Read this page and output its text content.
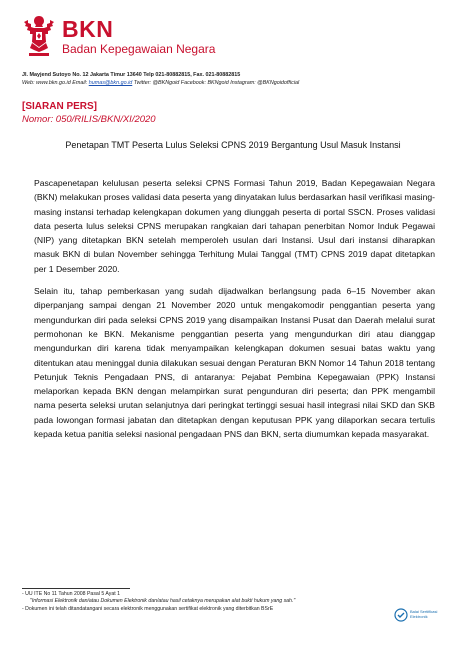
BKN
Badan Kepegawaian Negara
Jl. Mayjend Sutoyo No. 12 Jakarta Timur 13640 Telp 021-80882815, Fax. 021-80882815
Web: www.bkn.go.id Email: humas@bkn.go.id Twitter: @BKNgoid Facebook: BKNgoid Instagram: @BKNgoidofficial
[SIARAN PERS]
Nomor: 050/RILIS/BKN/XI/2020
Penetapan TMT Peserta Lulus Seleksi CPNS 2019 Bergantung Usul Masuk Instansi

Pascapenetapan kelulusan peserta seleksi CPNS Formasi Tahun 2019, Badan Kepegawaian Negara (BKN) melakukan proses validasi data peserta yang dinyatakan lulus berdasarkan hasil verifikasi masing-masing instansi terhadap kelengkapan dokumen yang diunggah peserta di portal SSCN. Proses validasi data peserta lulus seleksi CPNS merupakan rangkaian dari tahapan penerbitan Nomor Induk Pegawai (NIP) yang ditetapkan BKN setelah memperoleh usulan dari Instansi. Usul dari instansi diharapkan masuk BKN di bulan November sehingga Terhitung Mulai Tanggal (TMT) CPNS 2019 dapat ditetapkan per 1 Desember 2020.

Selain itu, tahap pemberkasan yang sudah dijadwalkan berlangsung pada 6–15 November akan diperpanjang sampai dengan 21 November 2020 untuk mengakomodir penggantian peserta yang mengundurkan diri pada seleksi CPNS 2019 yang disampaikan Instansi Pusat dan Daerah melalui surat permohonan ke BKN. Mekanisme penggantian peserta yang mengundurkan diri atau dianggap mengundurkan diri karena tidak menyampaikan kelengkapan dokumen sesuai batas waktu yang ditentukan atau meninggal dunia dilakukan sesuai dengan Peraturan BKN Nomor 14 Tahun 2018 tentang Petunjuk Teknis Pengadaan PNS, di antaranya: Pejabat Pembina Kepegawaian (PPK) Instansi melaporkan kepada BKN dengan melampirkan surat pengunduran diri peserta; dan PPK mengambil nama peserta seleksi urutan selanjutnya dari peringkat tertinggi sesuai hasil integrasi nilai SKD dan SKB pada lowongan formasi jabatan dan ditetapkan dengan keputusan PPK yang dilaporkan secara tertulis kepada ketua panitia seleksi nasional pengadaan PNS dan BKN, serta diumumkan kepada masyarakat.

- UU ITE No 11 Tahun 2008 Pasal 5 Ayat 1

"Informasi Elektronik dan/atau Dokumen Elektronik dan/atau hasil cetaknya merupakan alat bukti hukum yang sah."

- Dokumen ini telah ditandatangani secara elektronik menggunakan sertifikat elektronik yang diterbitkan BSrE	Balai Sertifikasi Elektronik
